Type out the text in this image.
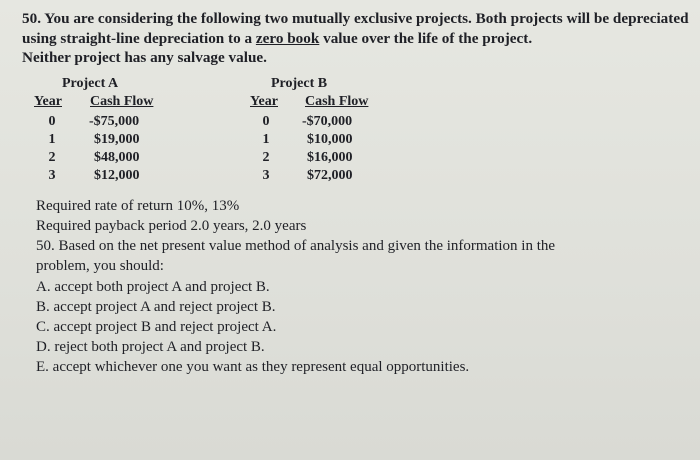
50. You are considering the following two mutually exclusive projects. Both projects will be depreciated using straight-line depreciation to a zero book value over the life of the project.
Neither project has any salvage value.
Project A
Year Cash Flow
0	-$75,000
1	$19,000
2	$48,000
3	$12,000
Project B
Year Cash Flow
0	-$70,000
1	$10,000
2	$16,000
3	$72,000
Required rate of return 10%, 13%
Required payback period 2.0 years, 2.0 years
50. Based on the net present value method of analysis and given the information in the
problem, you should:
A. accept both project A and project B.
B. accept project A and reject project B.
C. accept project B and reject project A.
D. reject both project A and project B.
E. accept whichever one you want as they represent equal opportunities.
